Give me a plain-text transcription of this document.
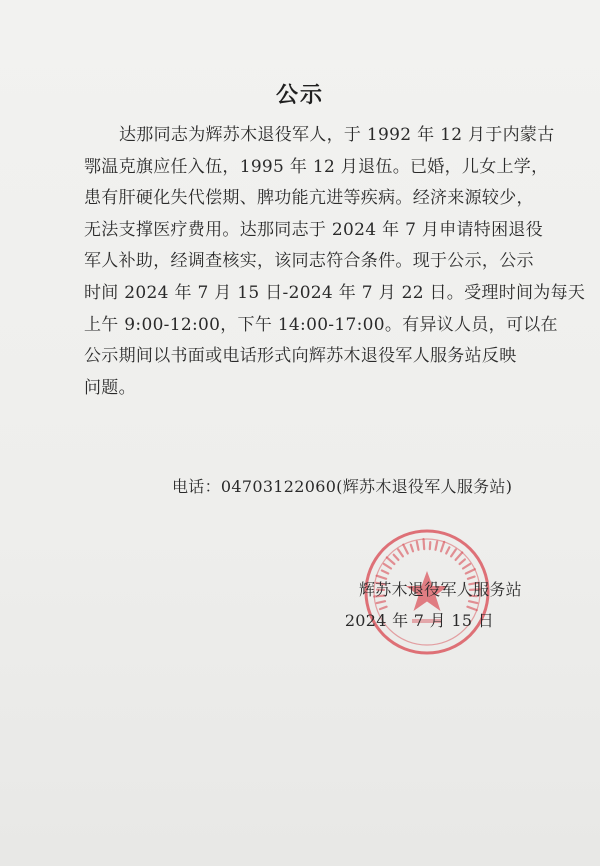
公示
达那同志为辉苏木退役军人，于 1992 年 12 月于内蒙古
鄂温克旗应任入伍，1995 年 12 月退伍。已婚，儿女上学，
患有肝硬化失代偿期、脾功能亢进等疾病。经济来源较少，
无法支撑医疗费用。达那同志于 2024 年 7 月申请特困退役
军人补助，经调查核实，该同志符合条件。现于公示，公示
时间 2024 年 7 月 15 日-2024 年 7 月 22 日。受理时间为每天
上午 9:00-12:00，下午 14:00-17:00。有异议人员，可以在
公示期间以书面或电话形式向辉苏木退役军人服务站反映
问题。
电话：04703122060(辉苏木退役军人服务站)
辉苏木退役军人服务站
2024 年 7 月 15 日
